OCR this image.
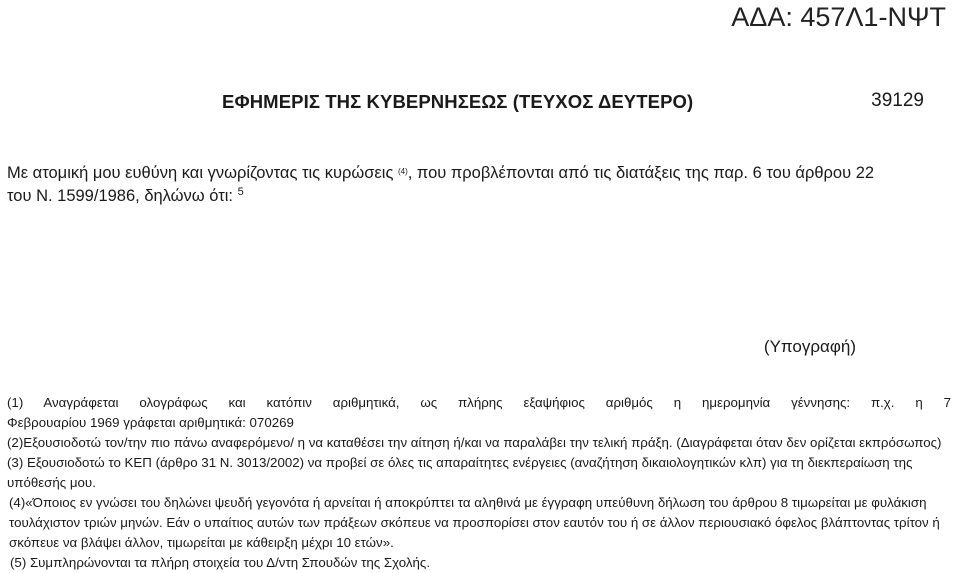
ΑΔΑ: 457Λ1-ΝΨΤ
ΕΦΗΜΕΡΙΣ ΤΗΣ ΚΥΒΕΡΝΗΣΕΩΣ (ΤΕΥΧΟΣ ΔΕΥΤΕΡΟ)	39129
Με ατομική μου ευθύνη και γνωρίζοντας τις κυρώσεις $^{(4)}$, που προβλέπονται από τις διατάξεις της παρ. 6 του άρθρου 22 του Ν. 1599/1986, δηλώνω ότι: $^5$
(Υπογραφή)

(1) Αναγράφεται ολογράφως και κατόπιν αριθμητικά, ως πλήρης εξαψήφιος αριθμός η ημερομηνία γέννησης: π.χ. η 7

Φεβρουαρίου 1969 γράφεται αριθμητικά: 070269

(2)Εξουσιοδοτώ τον/την πιο πάνω αναφερόμενο/ η να καταθέσει την αίτηση ή/και να παραλάβει την τελική πράξη. (Διαγράφεται όταν δεν ορίζεται εκπρόσωπος)

(3) Εξουσιοδοτώ το ΚΕΠ (άρθρο 31 Ν. 3013/2002) να προβεί σε όλες τις απαραίτητες ενέργειες (αναζήτηση δικαιολογητικών κλπ) για τη διεκπεραίωση της υπόθεσής μου.

(4)«Όποιος εν γνώσει του δηλώνει ψευδή γεγονότα ή αρνείται ή αποκρύπτει τα αληθινά με έγγραφη υπεύθυνη δήλωση του άρθρου 8 τιμωρείται με φυλάκιση τουλάχιστον τριών μηνών. Εάν ο υπαίτιος αυτών των πράξεων σκόπευε να προσπορίσει στον εαυτόν του ή σε άλλον περιουσιακό όφελος βλάπτοντας τρίτον ή σκόπευε να βλάψει άλλον, τιμωρείται με κάθειρξη μέχρι 10 ετών».

(5) Συμπληρώνονται τα πλήρη στοιχεία του Δ/ντη Σπουδών της Σχολής.
